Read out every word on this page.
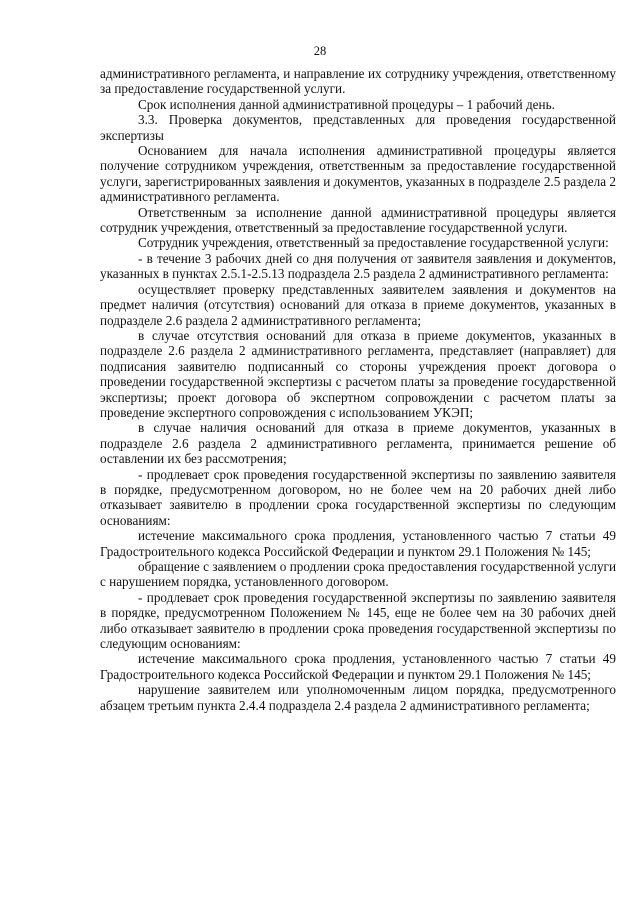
28

административного регламента, и направление их сотруднику учреждения, ответственному за предоставление государственной услуги.

Срок исполнения данной административной процедуры – 1 рабочий день.

3.3. Проверка документов, представленных для проведения государственной экспертизы

Основанием для начала исполнения административной процедуры является получение сотрудником учреждения, ответственным за предоставление государственной услуги, зарегистрированных заявления и документов, указанных в подразделе 2.5 раздела 2 административного регламента.

Ответственным за исполнение данной административной процедуры является сотрудник учреждения, ответственный за предоставление государственной услуги.

Сотрудник учреждения, ответственный за предоставление государственной услуги:

- в течение 3 рабочих дней со дня получения от заявителя заявления и документов, указанных в пунктах 2.5.1-2.5.13 подраздела 2.5 раздела 2 административного регламента:

осуществляет проверку представленных заявителем заявления и документов на предмет наличия (отсутствия) оснований для отказа в приеме документов, указанных в подразделе 2.6 раздела 2 административного регламента;

в случае отсутствия оснований для отказа в приеме документов, указанных в подразделе 2.6 раздела 2 административного регламента, представляет (направляет) для подписания заявителю подписанный со стороны учреждения проект договора о проведении государственной экспертизы с расчетом платы за проведение государственной экспертизы; проект договора об экспертном сопровождении с расчетом платы за проведение экспертного сопровождения с использованием УКЭП;

в случае наличия оснований для отказа в приеме документов, указанных в подразделе 2.6 раздела 2 административного регламента, принимается решение об оставлении их без рассмотрения;

- продлевает срок проведения государственной экспертизы по заявлению заявителя в порядке, предусмотренном договором, но не более чем на 20 рабочих дней либо отказывает заявителю в продлении срока государственной экспертизы по следующим основаниям:

истечение максимального срока продления, установленного частью 7 статьи 49 Градостроительного кодекса Российской Федерации и пунктом 29.1 Положения № 145;

обращение с заявлением о продлении срока предоставления государственной услуги с нарушением порядка, установленного договором.

- продлевает срок проведения государственной экспертизы по заявлению заявителя в порядке, предусмотренном Положением № 145, еще не более чем на 30 рабочих дней либо отказывает заявителю в продлении срока проведения государственной экспертизы по следующим основаниям:

истечение максимального срока продления, установленного частью 7 статьи 49 Градостроительного кодекса Российской Федерации и пунктом 29.1 Положения № 145;

нарушение заявителем или уполномоченным лицом порядка, предусмотренного абзацем третьим пункта 2.4.4 подраздела 2.4 раздела 2 административного регламента;
